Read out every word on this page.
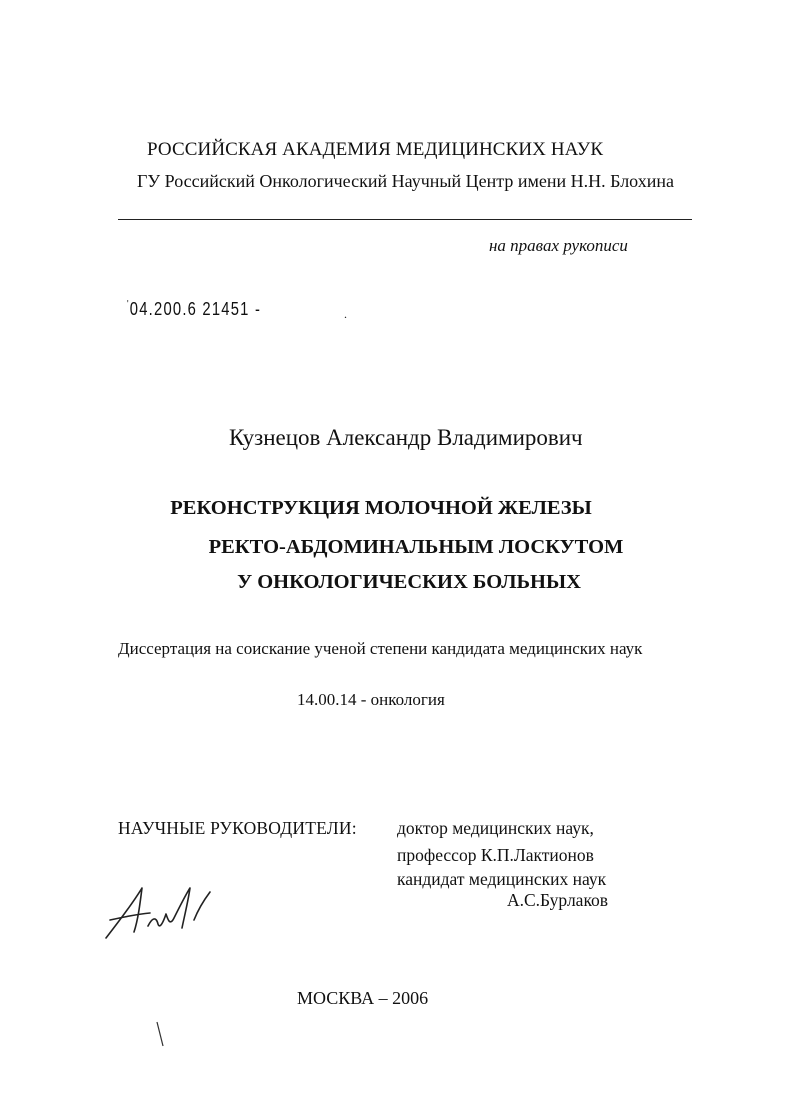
РОССИЙСКАЯ АКАДЕМИЯ МЕДИЦИНСКИХ НАУК
ГУ Российский Онкологический Научный Центр имени Н.Н. Блохина
на правах рукописи
'04.200.6 21451 -	.
Кузнецов Александр Владимирович
РЕКОНСТРУКЦИЯ МОЛОЧНОЙ ЖЕЛЕЗЫ
РЕКТО-АБДОМИНАЛЬНЫМ ЛОСКУТОМ
У ОНКОЛОГИЧЕСКИХ БОЛЬНЫХ
Диссертация на соискание ученой степени кандидата медицинских наук
14.00.14 - онкология
НАУЧНЫЕ РУКОВОДИТЕЛИ: доктор медицинских наук,
профессор К.П.Лактионов
кандидат медицинских наук
А.С.Бурлаков
МОСКВА – 2006
